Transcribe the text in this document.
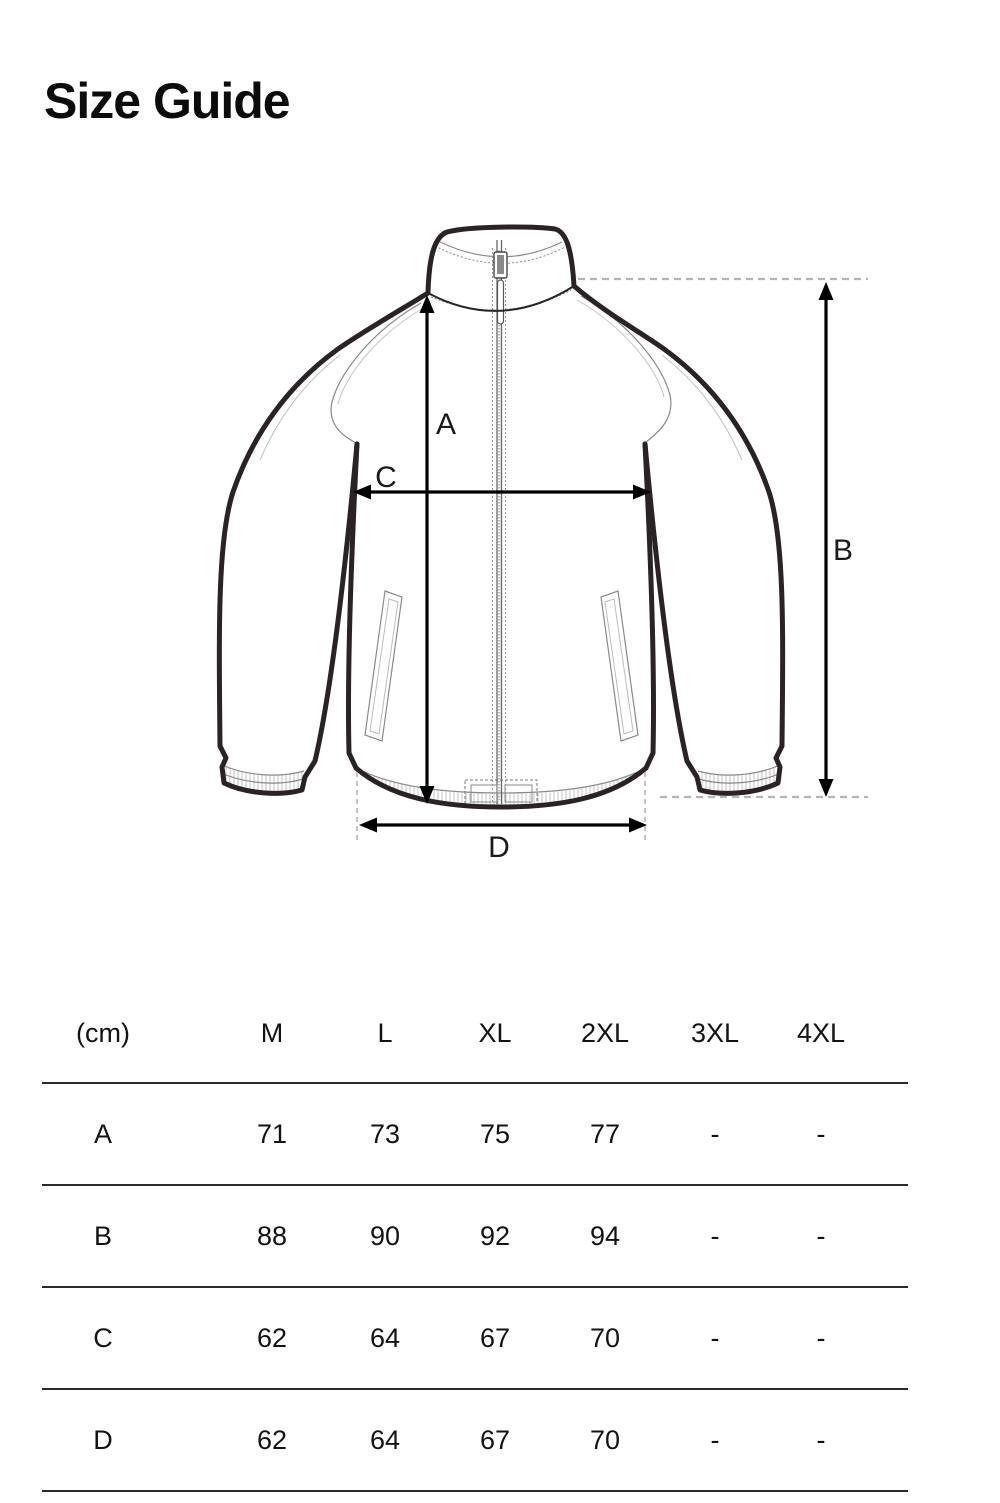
Size Guide
A
B
C
D
(cm)	M	L	XL	2XL	3XL	4XL
A	71	73	75	77	-	-
B	88	90	92	94	-	-
C	62	64	67	70	-	-
D	62	64	67	70	-	-
